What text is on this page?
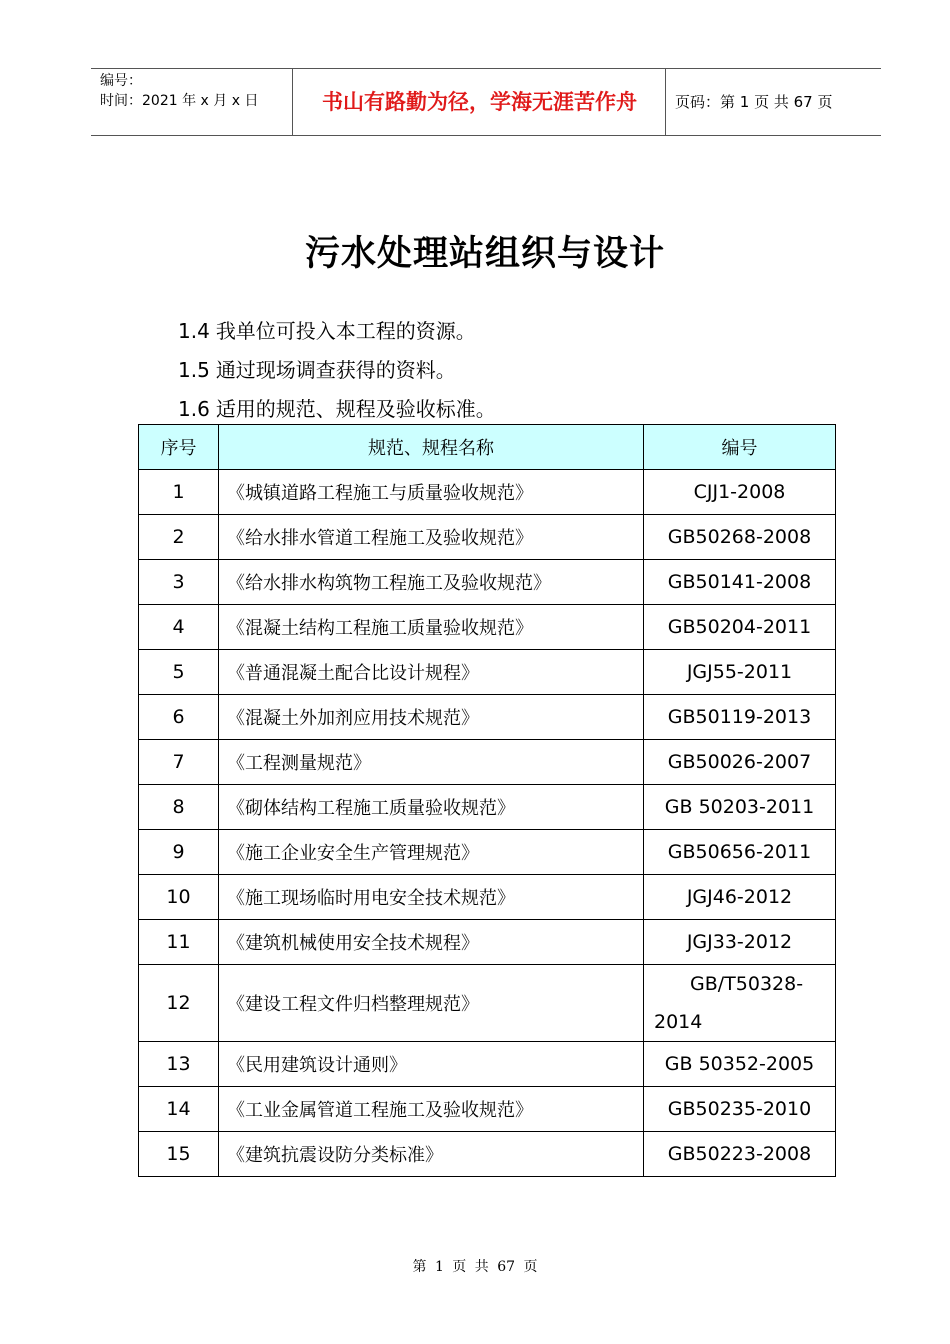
编号：
时间：2021 年 x 月 x 日	书山有路勤为径，学海无涯苦作舟	页码：第 1 页 共 67 页
污水处理站组织与设计
1.4 我单位可投入本工程的资源。
1.5 通过现场调查获得的资料。
1.6 适用的规范、规程及验收标准。
序号	规范、规程名称	编号
1	《城镇道路工程施工与质量验收规范》	CJJ1-2008
2	《给水排水管道工程施工及验收规范》	GB50268-2008
3	《给水排水构筑物工程施工及验收规范》	GB50141-2008
4	《混凝土结构工程施工质量验收规范》	GB50204-2011
5	《普通混凝土配合比设计规程》	JGJ55-2011
6	《混凝土外加剂应用技术规范》	GB50119-2013
7	《工程测量规范》	GB50026-2007
8	《砌体结构工程施工质量验收规范》	GB 50203-2011
9	《施工企业安全生产管理规范》	GB50656-2011
10	《施工现场临时用电安全技术规范》	JGJ46-2012
11	《建筑机械使用安全技术规程》	JGJ33-2012
12	《建设工程文件归档整理规范》	GB/T50328-
2014
13	《民用建筑设计通则》	GB 50352-2005
14	《工业金属管道工程施工及验收规范》	GB50235-2010
15	《建筑抗震设防分类标准》	GB50223-2008
第 1 页 共 67 页
